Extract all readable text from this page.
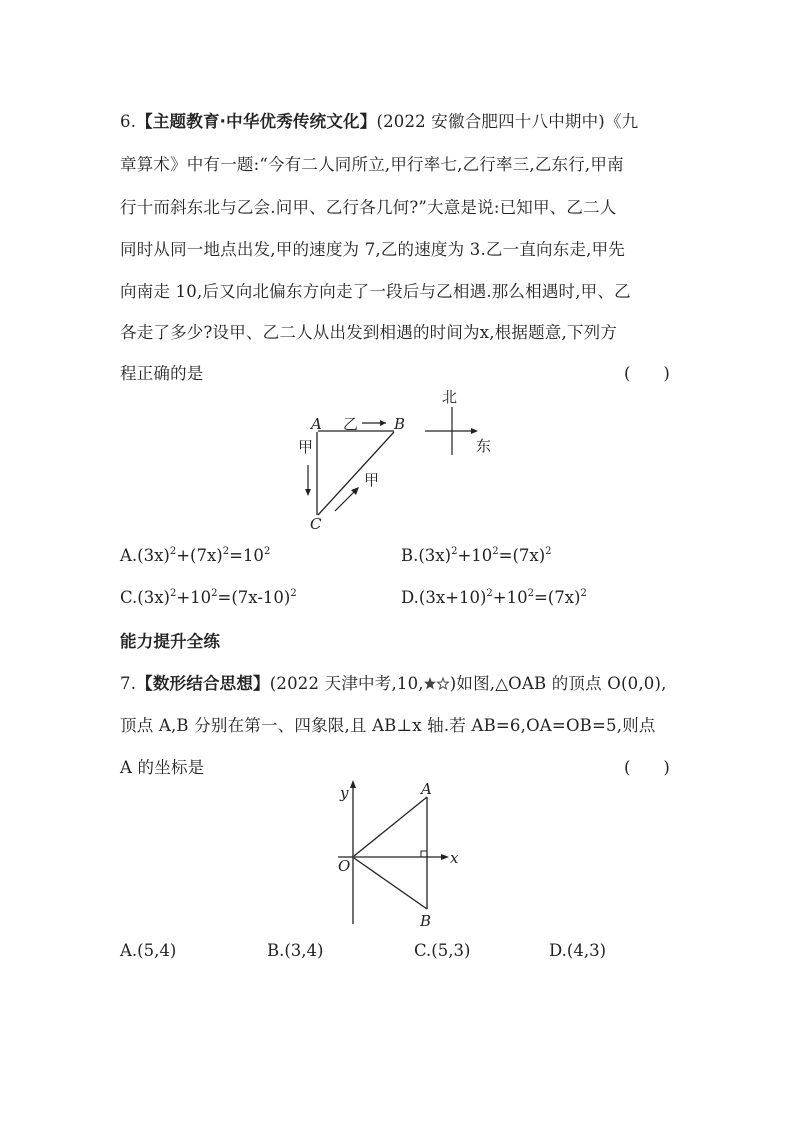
6.【主题教育·中华优秀传统文化】(2022 安徽合肥四十八中期中)《九
章算术》中有一题:“今有二人同所立,甲行率七,乙行率三,乙东行,甲南
行十而斜东北与乙会.问甲、乙行各几何?”大意是说:已知甲、乙二人
同时从同一地点出发,甲的速度为 7,乙的速度为 3.乙一直向东走,甲先
向南走 10,后又向北偏东方向走了一段后与乙相遇.那么相遇时,甲、乙
各走了多少?设甲、乙二人从出发到相遇的时间为x,根据题意,下列方
程正确的是	(　　)
A	B
C
乙
甲
甲
北
东
$A.(3x)^2+(7x)^2=10^2$	$B.(3x)^2+10^2=(7x)^2$
$C.(3x)^2+10^2=(7x-10)^2$	$D.(3x+10)^2+10^2=(7x)^2$
能力提升全练
7.【数形结合思想】(2022 天津中考,10, )如图,△OAB 的顶点 O(0,0),
顶点 A,B 分别在第一、四象限,且 AB⊥x 轴.若 AB=6,OA=OB=5,则点
A 的坐标是	(　　)
y
x
O
A
B
A.(5,4)	B.(3,4)	C.(5,3)	D.(4,3)
